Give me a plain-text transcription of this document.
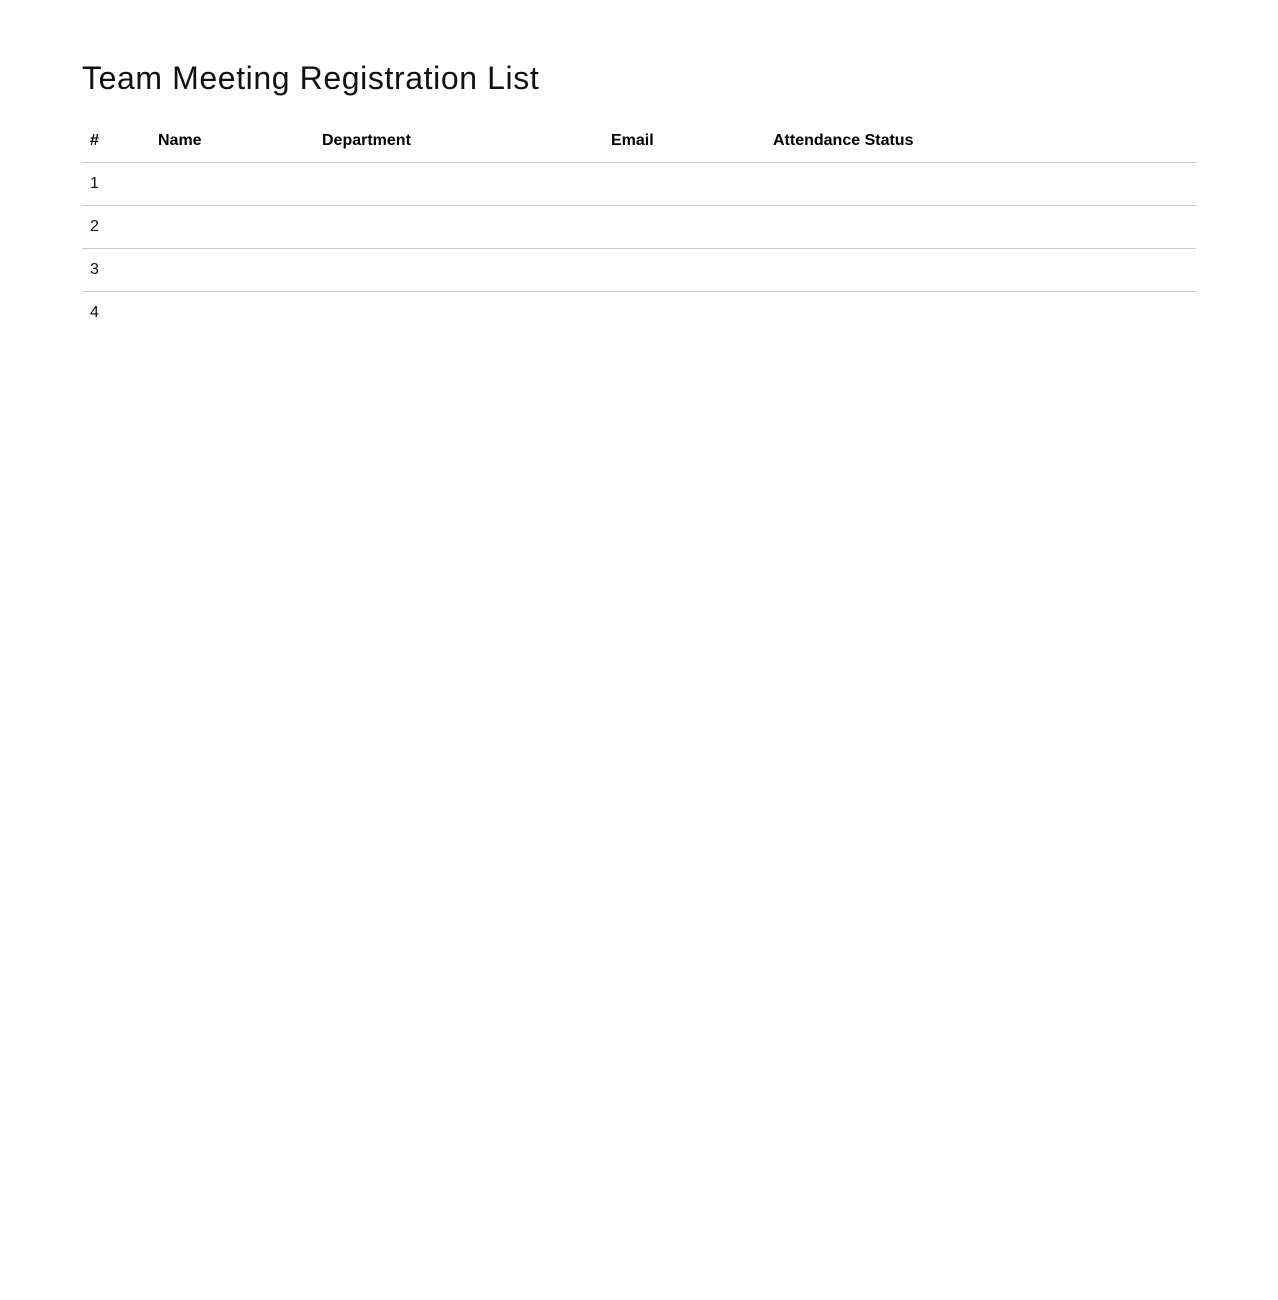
Team Meeting Registration List
#	Name	Department	Email	Attendance Status
1				
2				
3				
4				
